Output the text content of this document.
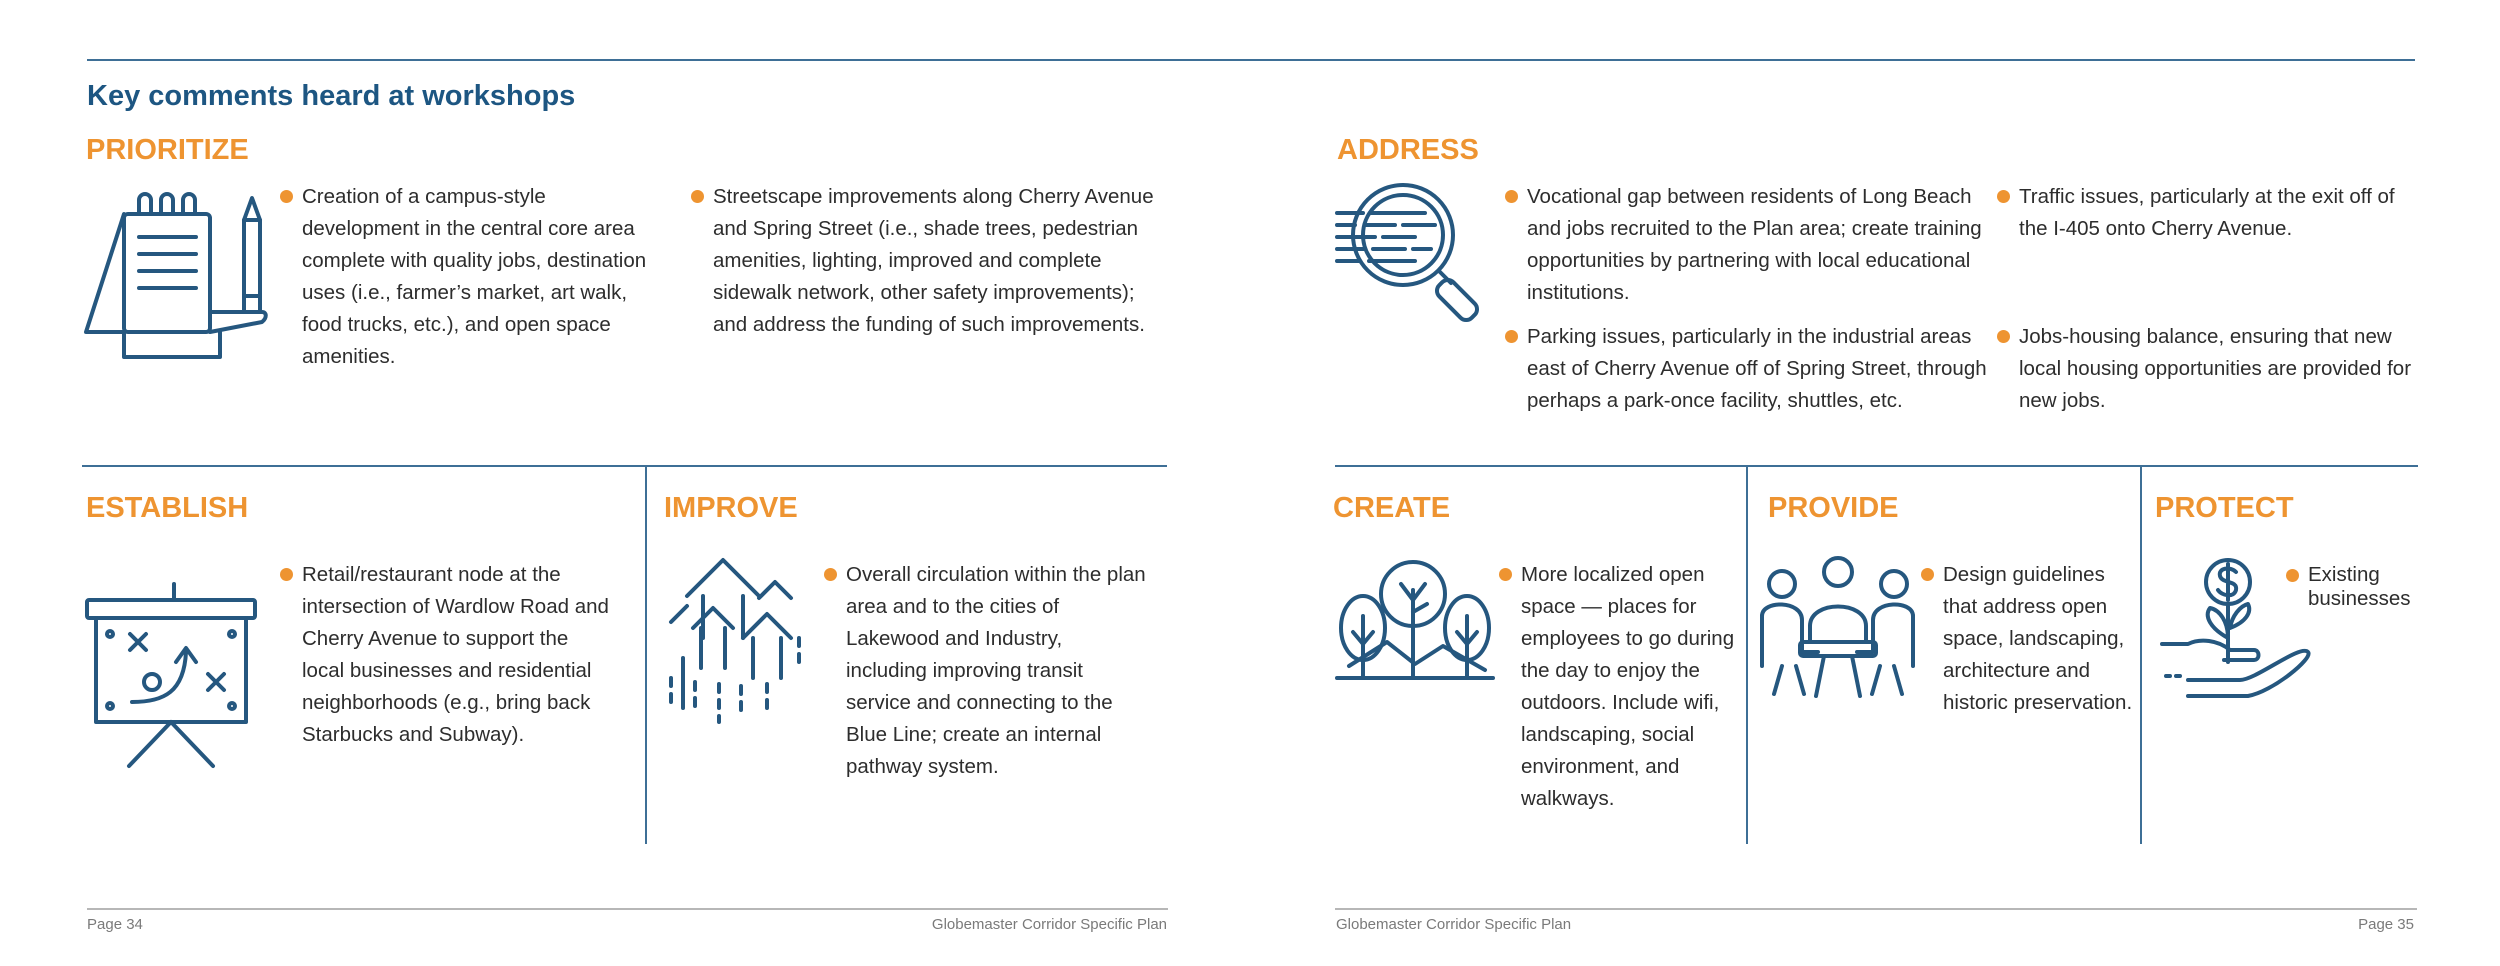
Key comments heard at workshops
PRIORITIZE
Creation of a campus-style development in the central core area complete with quality jobs, destination uses (i.e., farmer’s market, art walk, food trucks, etc.), and open space amenities.
Streetscape improvements along Cherry Avenue and Spring Street (i.e., shade trees, pedestrian amenities, lighting, improved and complete sidewalk network, other safety improvements); and address the funding of such improvements.
ADDRESS
Vocational gap between residents of Long Beach and jobs recruited to the Plan area; create training opportunities by partnering with local educational institutions.
Traffic issues, particularly at the exit off of the I-405 onto Cherry Avenue.
Parking issues, particularly in the industrial areas east of Cherry Avenue off of Spring Street, through perhaps a park-once facility, shuttles, etc.
Jobs-housing balance, ensuring that new local housing opportunities are provided for new jobs.
ESTABLISH
Retail/restaurant node at the intersection of Wardlow Road and Cherry Avenue to support the local businesses and residential neighborhoods (e.g., bring back Starbucks and Subway).
IMPROVE
Overall circulation within the plan area and to the cities of Lakewood and Industry, including improving transit service and connecting to the Blue Line; create an internal pathway system.
CREATE
More localized open space — places for employees to go during the day to enjoy the outdoors. Include wifi, landscaping, social environment, and walkways.
PROVIDE
Design guidelines that address open space, landscaping, architecture and historic preservation.
PROTECT
Existing businesses
Page 34	Globemaster Corridor Specific Plan	Globemaster Corridor Specific Plan	Page 35
